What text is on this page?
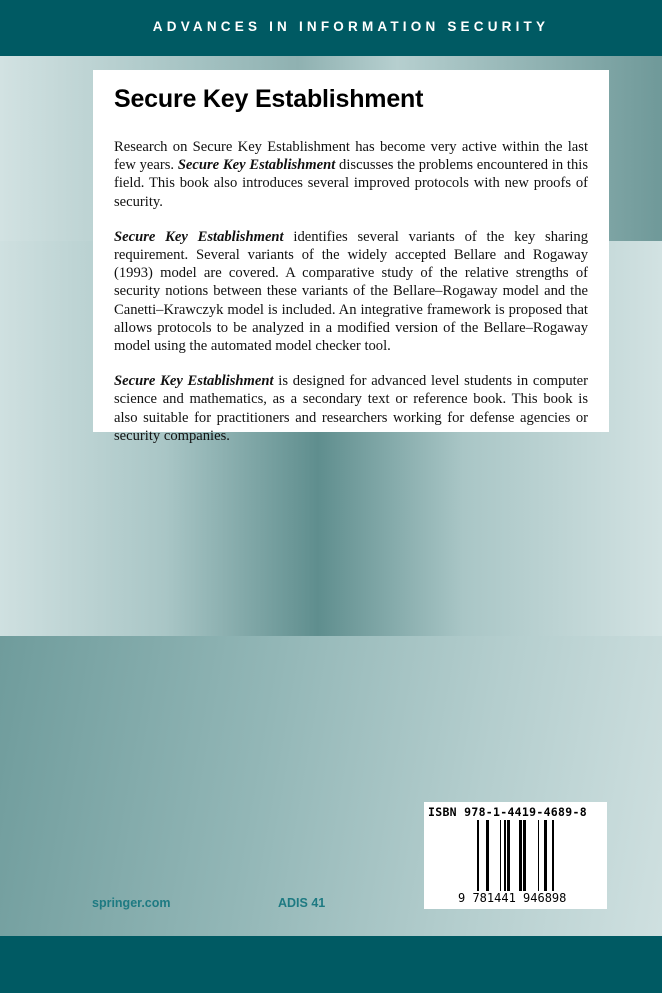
ADVANCES IN INFORMATION SECURITY
Secure Key Establishment

Research on Secure Key Establishment has become very active within the last few years. Secure Key Establishment discusses the problems encountered in this field. This book also introduces several improved protocols with new proofs of security.

Secure Key Establishment identifies several variants of the key sharing requirement. Several variants of the widely accepted Bellare and Rogaway (1993) model are covered. A comparative study of the relative strengths of security notions between these variants of the Bellare–Rogaway model and the Canetti–Krawczyk model is included. An integrative framework is proposed that allows protocols to be analyzed in a modified version of the Bellare–Rogaway model using the automated model checker tool.

Secure Key Establishment is designed for advanced level students in computer science and mathematics, as a secondary text or reference book. This book is also suitable for practitioners and researchers working for defense agencies or security companies.

springer.com	ADIS 41
ISBN 978-1-4419-4689-8
9 781441 946898
